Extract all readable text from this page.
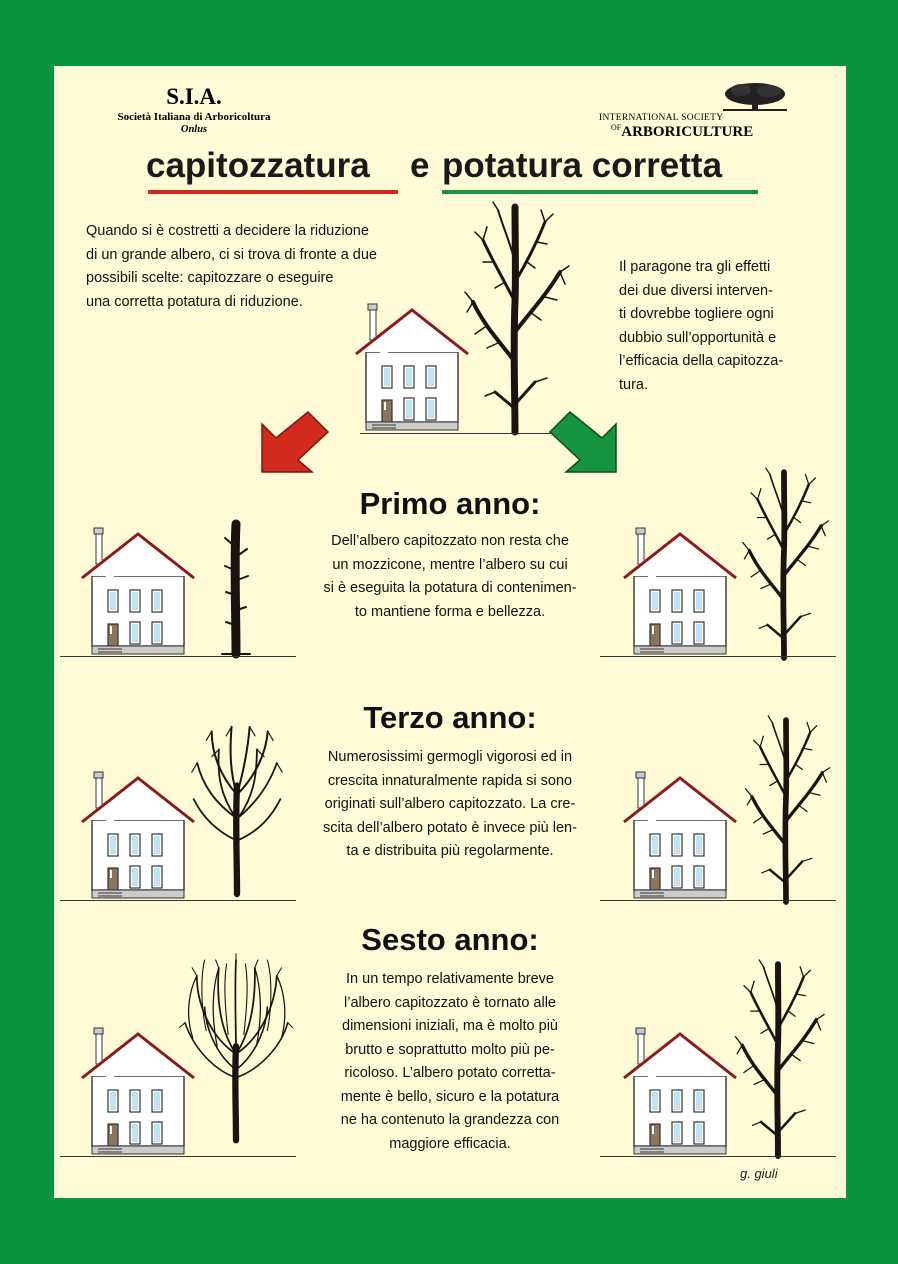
S.I.A.
Società Italiana di Arboricoltura
Onlus
INTERNATIONAL SOCIETY
$^{OF}$ARBORICULTURE
capitozzatura e potatura corretta
Quando si è costretti a decidere la riduzione
di un grande albero, ci si trova di fronte a due
possibili scelte: capitozzare o eseguire
una corretta potatura di riduzione.
Il paragone tra gli effetti
dei due diversi interven-
ti dovrebbe togliere ogni
dubbio sull’opportunità e
l’efficacia della capitozza-
tura.
Primo anno:
Dell’albero capitozzato non resta che
un mozzicone, mentre l’albero su cui
si è eseguita la potatura di contenimen-
to mantiene forma e bellezza.
Terzo anno:
Numerosissimi germogli vigorosi ed in
crescita innaturalmente rapida si sono
originati sull’albero capitozzato. La cre-
scita dell’albero potato è invece più len-
ta e distribuita più regolarmente.
Sesto anno:
In un tempo relativamente breve
l’albero capitozzato è tornato alle
dimensioni iniziali, ma è molto più
brutto e soprattutto molto più pe-
ricoloso. L’albero potato corretta-
mente è bello, sicuro e la potatura
ne ha contenuto la grandezza con
maggiore efficacia.
g. giuli
